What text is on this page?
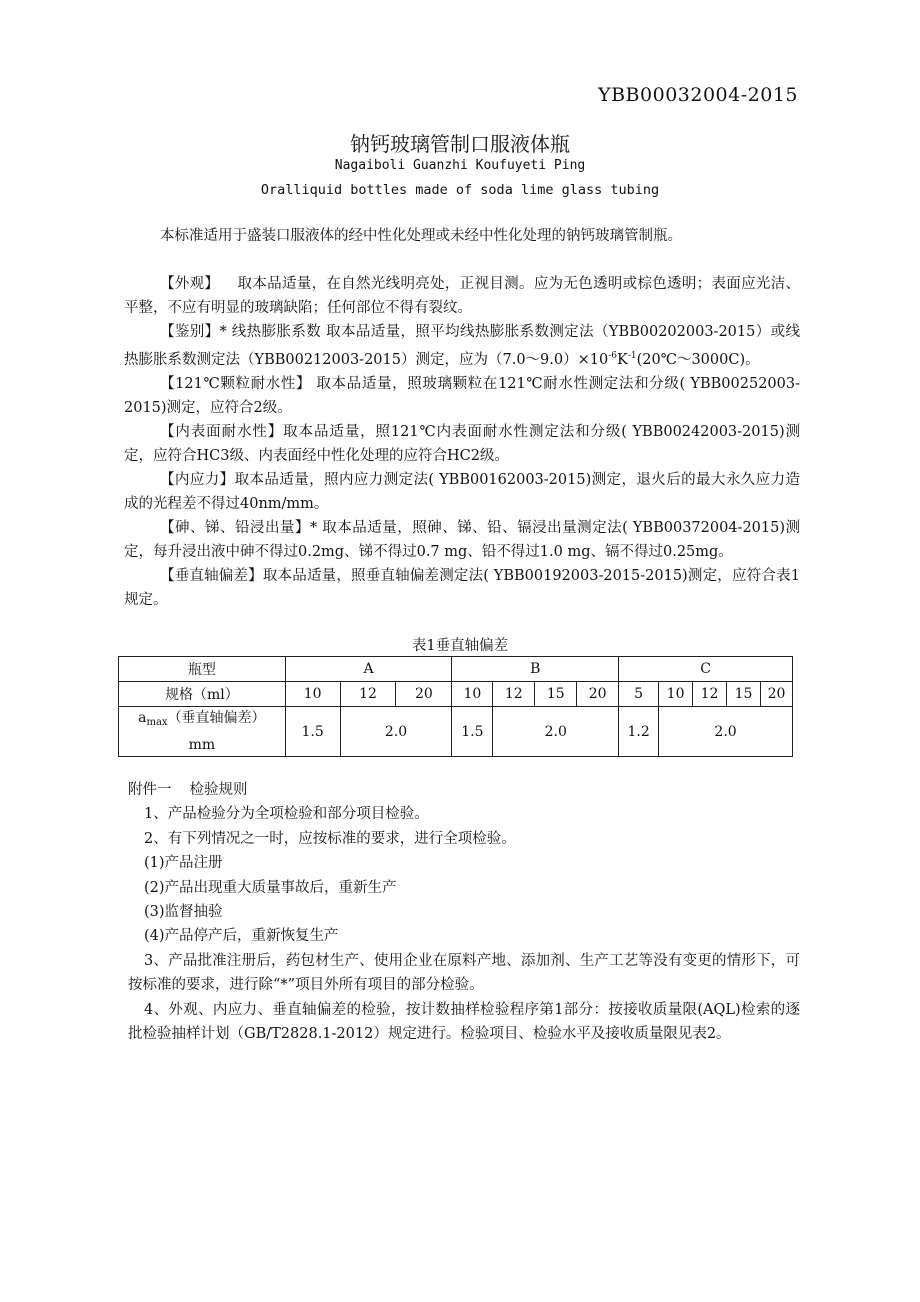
YBB00032004-2015
钠钙玻璃管制口服液体瓶
Nagaiboli Guanzhi Koufuyeti Ping
Oralliquid bottles made of soda lime glass tubing
本标准适用于盛装口服液体的经中性化处理或未经中性化处理的钠钙玻璃管制瓶。

【外观】 取本品适量，在自然光线明亮处，正视目测。应为无色透明或棕色透明；表面应光洁、平整，不应有明显的玻璃缺陷；任何部位不得有裂纹。

【鉴别】* 线热膨胀系数 取本品适量，照平均线热膨胀系数测定法（YBB00202003-2015）或线热膨胀系数测定法（YBB00212003-2015）测定，应为$(7.0\sim 9.0)\times 10^{-6}K^{-1}(20℃\sim 3000C)$。

【121℃颗粒耐水性】 取本品适量，照玻璃颗粒在121℃耐水性测定法和分级( YBB00252003-2015)测定，应符合2级。

【内表面耐水性】取本品适量，照121℃内表面耐水性测定法和分级( YBB00242003-2015)测定，应符合HC3级、内表面经中性化处理的应符合HC2级。

【内应力】取本品适量，照内应力测定法( YBB00162003-2015)测定，退火后的最大永久应力造成的光程差不得过40nm/mm。

【砷、锑、铅浸出量】* 取本品适量，照砷、锑、铅、镉浸出量测定法( YBB00372004-2015)测定，每升浸出液中砷不得过0.2mg、锑不得过0.7 mg、铅不得过1.0 mg、镉不得过0.25mg。

【垂直轴偏差】取本品适量，照垂直轴偏差测定法( YBB00192003-2015-2015)测定，应符合表1规定。

表1垂直轴偏差
瓶型	A			B				C				
规格（ml）	10	12	20	10	12	15	20	5	10	12	15	20
$a_{max}$（垂直轴偏差）
mm	1.5	2.0		1.5	2.0			1.2	2.0			

附件一 检验规则

1、产品检验分为全项检验和部分项目检验。

2、有下列情况之一时，应按标准的要求，进行全项检验。

(1)产品注册

(2)产品出现重大质量事故后，重新生产

(3)监督抽验

(4)产品停产后，重新恢复生产

3、产品批准注册后，药包材生产、使用企业在原料产地、添加剂、生产工艺等没有变更的情形下，可按标准的要求，进行除“*”项目外所有项目的部分检验。

4、外观、内应力、垂直轴偏差的检验，按计数抽样检验程序第1部分：按接收质量限(AQL)检索的逐批检验抽样计划（GB/T2828.1-2012）规定进行。检验项目、检验水平及接收质量限见表2。
